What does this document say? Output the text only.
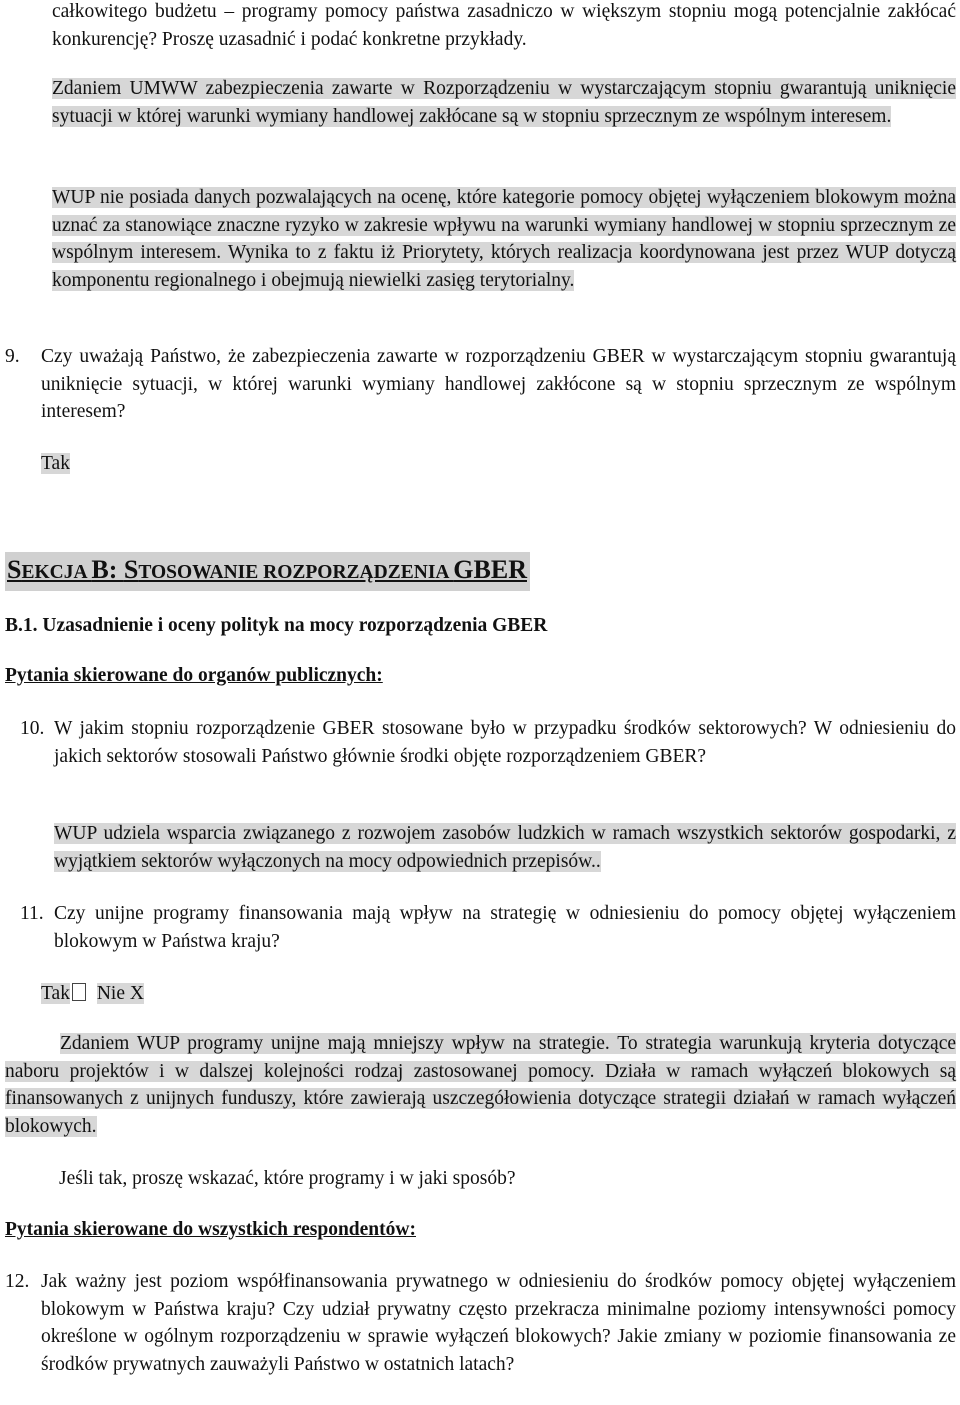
całkowitego budżetu – programy pomocy państwa zasadniczo w większym stopniu mogą potencjalnie zakłócać konkurencję? Proszę uzasadnić i podać konkretne przykłady.
Zdaniem UMWW zabezpieczenia zawarte w Rozporządzeniu w wystarczającym stopniu gwarantują uniknięcie sytuacji w której warunki wymiany handlowej zakłócane są w stopniu sprzecznym ze wspólnym interesem.
WUP nie posiada danych pozwalających na ocenę, które kategorie pomocy objętej wyłączeniem blokowym można uznać za stanowiące znaczne ryzyko w zakresie wpływu na warunki wymiany handlowej w stopniu sprzecznym ze wspólnym interesem. Wynika to z faktu iż Priorytety, których realizacja koordynowana jest przez WUP dotyczą komponentu regionalnego i obejmują niewielki zasięg terytorialny.
9. Czy uważają Państwo, że zabezpieczenia zawarte w rozporządzeniu GBER w wystarczającym stopniu gwarantują uniknięcie sytuacji, w której warunki wymiany handlowej zakłócone są w stopniu sprzecznym ze wspólnym interesem?
Tak
SEKCJA B: STOSOWANIE ROZPORZĄDZENIA GBER
B.1. Uzasadnienie i oceny polityk na mocy rozporządzenia GBER
Pytania skierowane do organów publicznych:
10. W jakim stopniu rozporządzenie GBER stosowane było w przypadku środków sektorowych? W odniesieniu do jakich sektorów stosowali Państwo głównie środki objęte rozporządzeniem GBER?
WUP udziela wsparcia związanego z rozwojem zasobów ludzkich w ramach wszystkich sektorów gospodarki, z wyjątkiem sektorów wyłączonych na mocy odpowiednich przepisów..
11. Czy unijne programy finansowania mają wpływ na strategię w odniesieniu do pomocy objętej wyłączeniem blokowym w Państwa kraju?
Tak Nie X
Zdaniem WUP programy unijne mają mniejszy wpływ na strategie. To strategia warunkują kryteria dotyczące naboru projektów i w dalszej kolejności rodzaj zastosowanej pomocy. Działa w ramach wyłączeń blokowych są finansowanych z unijnych funduszy, które zawierają uszczegółowienia dotyczące strategii działań w ramach wyłączeń blokowych.
Jeśli tak, proszę wskazać, które programy i w jaki sposób?
Pytania skierowane do wszystkich respondentów:
12. Jak ważny jest poziom współfinansowania prywatnego w odniesieniu do środków pomocy objętej wyłączeniem blokowym w Państwa kraju? Czy udział prywatny często przekracza minimalne poziomy intensywności pomocy określone w ogólnym rozporządzeniu w sprawie wyłączeń blokowych? Jakie zmiany w poziomie finansowania ze środków prywatnych zauważyli Państwo w ostatnich latach?
